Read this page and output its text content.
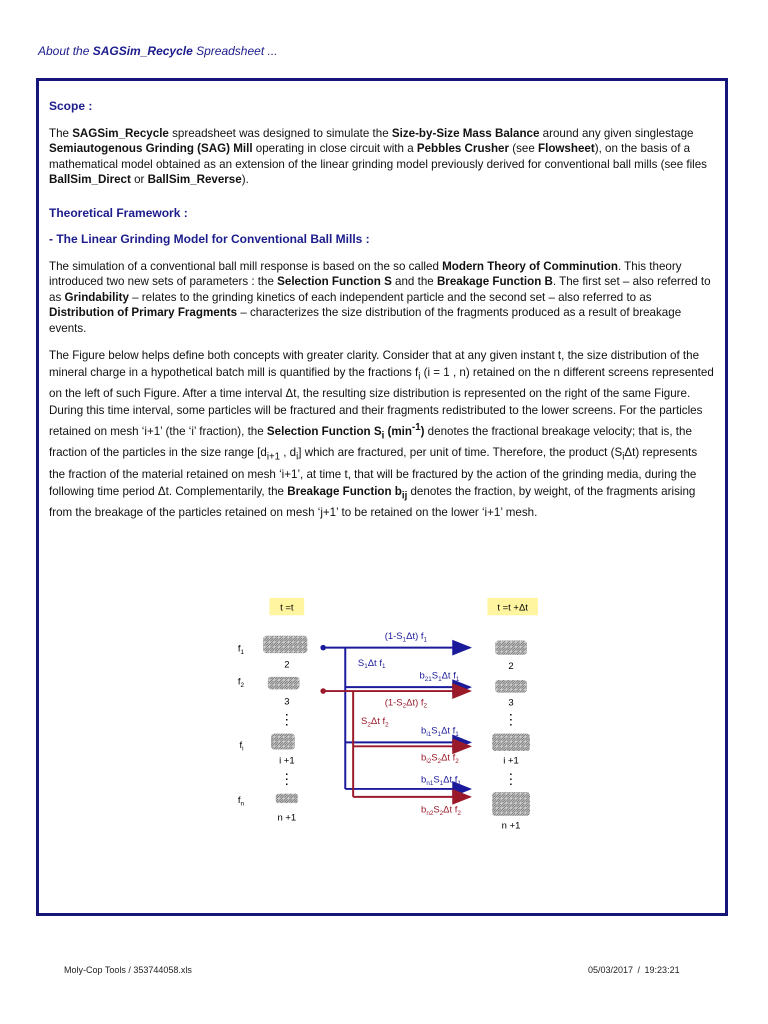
About the SAGSim_Recycle Spreadsheet ...
Scope :

The SAGSim_Recycle spreadsheet was designed to simulate the Size-by-Size Mass Balance around any given singlestage Semiautogenous Grinding (SAG) Mill operating in close circuit with a Pebbles Crusher (see Flowsheet), on the basis of a mathematical model obtained as an extension of the linear grinding model previously derived for conventional ball mills (see files BallSim_Direct or BallSim_Reverse).

Theoretical Framework :
- The Linear Grinding Model for Conventional Ball Mills :

The simulation of a conventional ball mill response is based on the so called Modern Theory of Comminution. This theory introduced two new sets of parameters : the Selection Function S and the Breakage Function B. The first set – also referred to as Grindability – relates to the grinding kinetics of each independent particle and the second set – also referred to as Distribution of Primary Fragments – characterizes the size distribution of the fragments produced as a result of breakage events.

The Figure below helps define both concepts with greater clarity. Consider that at any given instant t, the size distribution of the mineral charge in a hypothetical batch mill is quantified by the fractions $f_i$ (i = 1 , n) retained on the n different screens represented on the left of such Figure. After a time interval Δt, the resulting size distribution is represented on the right of the same Figure. During this time interval, some particles will be fractured and their fragments redistributed to the lower screens. For the particles retained on mesh ‘i+1’ (the ‘i’ fraction), the Selection Function $S_i$ $(\min^{-1})$ denotes the fractional breakage velocity; that is, the fraction of the particles in the size range [$d_{i+1}$ , $d_i$] which are fractured, per unit of time. Therefore, the product $(S_i\Delta t)$ represents the fraction of the material retained on mesh ‘i+1’, at time t, that will be fractured by the action of the grinding media, during the following time period Δt. Complementarily, the Breakage Function $b_{ij}$ denotes the fraction, by weight, of the fragments arising from the breakage of the particles retained on mesh ‘j+1’ to be retained on the lower ‘i+1’ mesh.

t =t	t =t +Δt
$f_1$
$f_2$
$f_i$
$f_n$
2
3
⋮
i +1
⋮
n +1
2
3
⋮
i +1
⋮
n +1
$(1-S_1\Delta t)$ $f_1$
$S_1\Delta t$ $f_1$
$b_{21}S_1\Delta t$ $f_1$
$(1-S_2\Delta t)$ $f_2$
$S_2\Delta t$ $f_2$
$b_{i1}S_1\Delta t$ $f_1$
$b_{i2}S_2\Delta t$ $f_2$
$b_{n1}S_1\Delta t$ $f_1$
$b_{n2}S_2\Delta t$ $f_2$
Moly-Cop Tools / 353744058.xls	05/03/2017 / 19:23:21
